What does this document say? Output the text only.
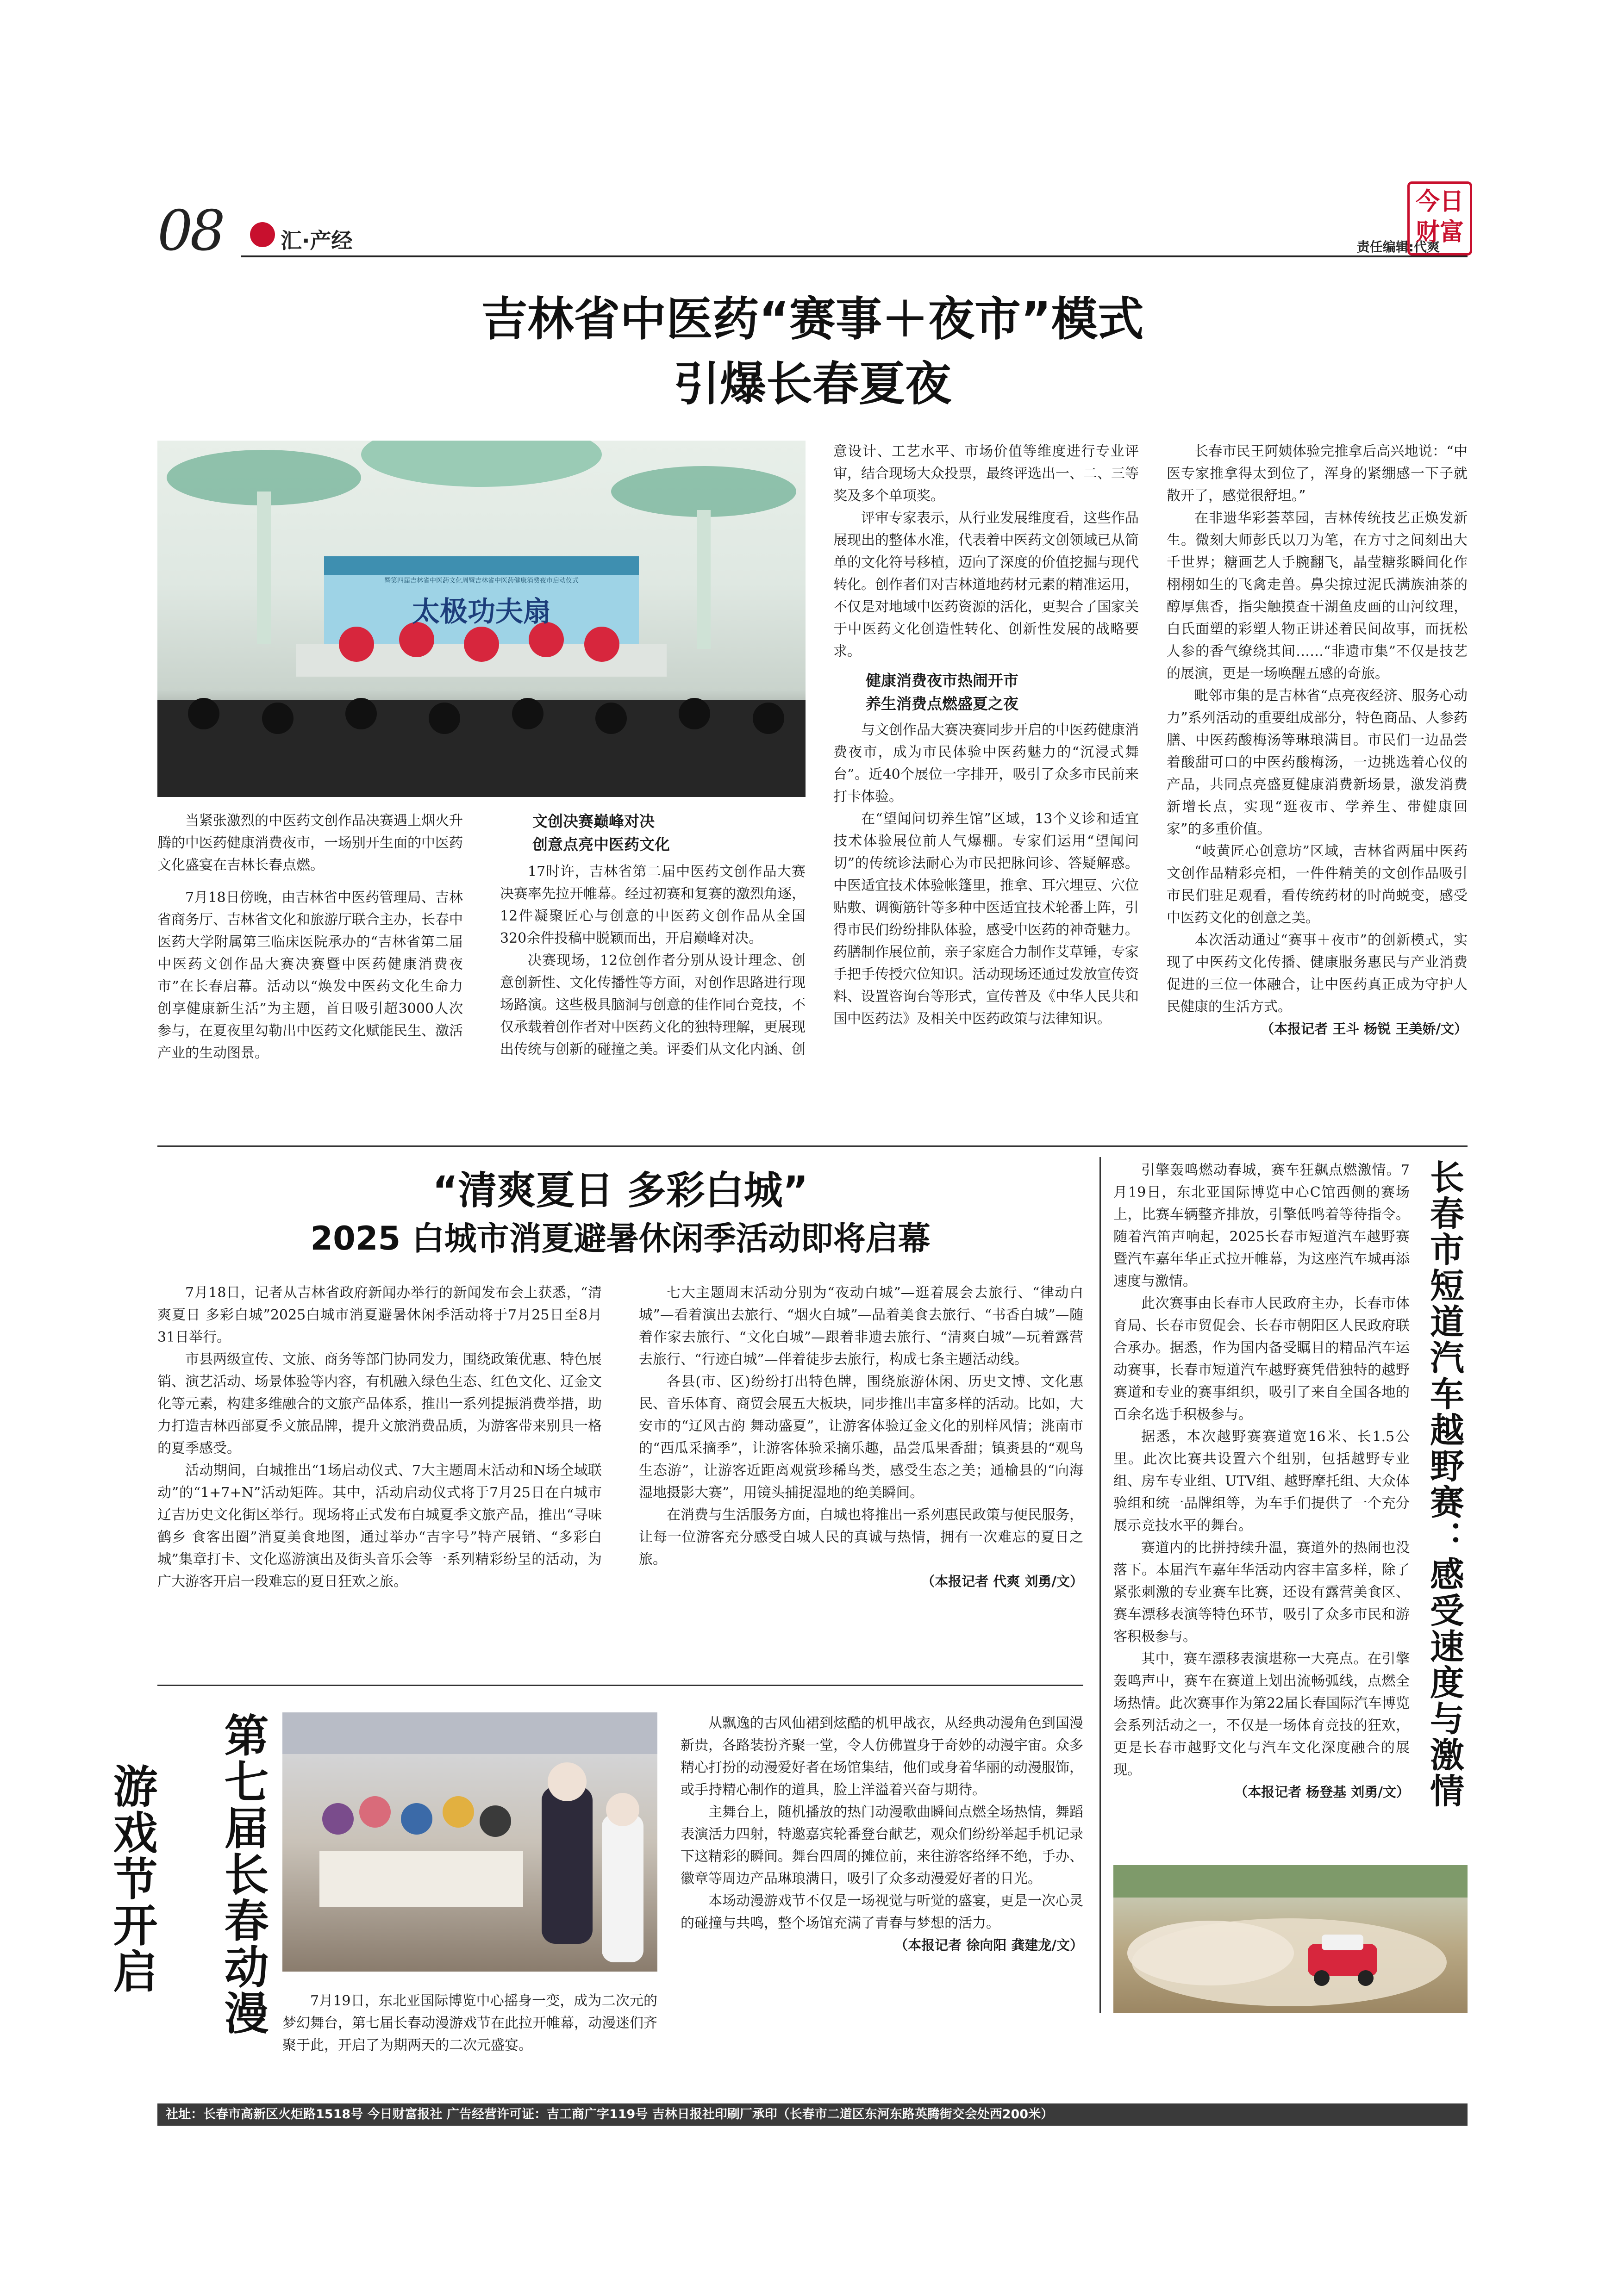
08	汇·产经	责任编辑:代爽
今日财富
吉林省中医药“赛事＋夜市”模式
引爆长春夏夜
暨第四届吉林省中医药文化周暨吉林省中医药健康消费夜市启动仪式
太极功夫扇

当紧张激烈的中医药文创作品决赛遇上烟火升腾的中医药健康消费夜市，一场别开生面的中医药文化盛宴在吉林长春点燃。

7月18日傍晚，由吉林省中医药管理局、吉林省商务厅、吉林省文化和旅游厅联合主办，长春中医药大学附属第三临床医院承办的“吉林省第二届中医药文创作品大赛决赛暨中医药健康消费夜市”在长春启幕。活动以“焕发中医药文化生命力 创享健康新生活”为主题，首日吸引超3000人次参与，在夏夜里勾勒出中医药文化赋能民生、激活产业的生动图景。

文创决赛巅峰对决
创意点亮中医药文化

17时许，吉林省第二届中医药文创作品大赛决赛率先拉开帷幕。经过初赛和复赛的激烈角逐，12件凝聚匠心与创意的中医药文创作品从全国320余件投稿中脱颖而出，开启巅峰对决。

决赛现场，12位创作者分别从设计理念、创意创新性、文化传播性等方面，对创作思路进行现场路演。这些极具脑洞与创意的佳作同台竞技，不仅承载着创作者对中医药文化的独特理解，更展现出传统与创新的碰撞之美。评委们从文化内涵、创

意设计、工艺水平、市场价值等维度进行专业评审，结合现场大众投票，最终评选出一、二、三等奖及多个单项奖。

评审专家表示，从行业发展维度看，这些作品展现出的整体水准，代表着中医药文创领域已从简单的文化符号移植，迈向了深度的价值挖掘与现代转化。创作者们对吉林道地药材元素的精准运用，不仅是对地域中医药资源的活化，更契合了国家关于中医药文化创造性转化、创新性发展的战略要求。

健康消费夜市热闹开市
养生消费点燃盛夏之夜

与文创作品大赛决赛同步开启的中医药健康消费夜市，成为市民体验中医药魅力的“沉浸式舞台”。近40个展位一字排开，吸引了众多市民前来打卡体验。

在“望闻问切养生馆”区域，13个义诊和适宜技术体验展位前人气爆棚。专家们运用“望闻问切”的传统诊法耐心为市民把脉问诊、答疑解惑。中医适宜技术体验帐篷里，推拿、耳穴埋豆、穴位贴敷、调衡筋针等多种中医适宜技术轮番上阵，引得市民们纷纷排队体验，感受中医药的神奇魅力。药膳制作展位前，亲子家庭合力制作艾草锤，专家手把手传授穴位知识。活动现场还通过发放宣传资料、设置咨询台等形式，宣传普及《中华人民共和国中医药法》及相关中医药政策与法律知识。

长春市民王阿姨体验完推拿后高兴地说：“中医专家推拿得太到位了，浑身的紧绷感一下子就散开了，感觉很舒坦。”

在非遗华彩荟萃园，吉林传统技艺正焕发新生。微刻大师彭氏以刀为笔，在方寸之间刻出大千世界；糖画艺人手腕翻飞，晶莹糖浆瞬间化作栩栩如生的飞禽走兽。鼻尖掠过泥氏满族油茶的醇厚焦香，指尖触摸查干湖鱼皮画的山河纹理，白氏面塑的彩塑人物正讲述着民间故事，而抚松人参的香气缭绕其间……“非遗市集”不仅是技艺的展演，更是一场唤醒五感的奇旅。

毗邻市集的是吉林省“点亮夜经济、服务心动力”系列活动的重要组成部分，特色商品、人参药膳、中医药酸梅汤等琳琅满目。市民们一边品尝着酸甜可口的中医药酸梅汤，一边挑选着心仪的产品，共同点亮盛夏健康消费新场景，激发消费新增长点，实现“逛夜市、学养生、带健康回家”的多重价值。

“岐黄匠心创意坊”区域，吉林省两届中医药文创作品精彩亮相，一件件精美的文创作品吸引市民们驻足观看，看传统药材的时尚蜕变，感受中医药文化的创意之美。

本次活动通过“赛事＋夜市”的创新模式，实现了中医药文化传播、健康服务惠民与产业消费促进的三位一体融合，让中医药真正成为守护人民健康的生活方式。

（本报记者 王斗 杨锐 王美娇/文）
“清爽夏日 多彩白城”
2025 白城市消夏避暑休闲季活动即将启幕

7月18日，记者从吉林省政府新闻办举行的新闻发布会上获悉，“清爽夏日 多彩白城”2025白城市消夏避暑休闲季活动将于7月25日至8月31日举行。

市县两级宣传、文旅、商务等部门协同发力，围绕政策优惠、特色展销、演艺活动、场景体验等内容，有机融入绿色生态、红色文化、辽金文化等元素，构建多维融合的文旅产品体系，推出一系列提振消费举措，助力打造吉林西部夏季文旅品牌，提升文旅消费品质，为游客带来别具一格的夏季感受。

活动期间，白城推出“1场启动仪式、7大主题周末活动和N场全域联动”的“1+7+N”活动矩阵。其中，活动启动仪式将于7月25日在白城市辽吉历史文化街区举行。现场将正式发布白城夏季文旅产品，推出“寻味鹤乡 食客出圈”消夏美食地图，通过举办“吉字号”特产展销、“多彩白城”集章打卡、文化巡游演出及街头音乐会等一系列精彩纷呈的活动，为广大游客开启一段难忘的夏日狂欢之旅。

七大主题周末活动分别为“夜动白城”—逛着展会去旅行、“律动白城”—看着演出去旅行、“烟火白城”—品着美食去旅行、“书香白城”—随着作家去旅行、“文化白城”—跟着非遗去旅行、“清爽白城”—玩着露营去旅行、“行迹白城”—伴着徒步去旅行，构成七条主题活动线。

各县(市、区)纷纷打出特色牌，围绕旅游休闲、历史文博、文化惠民、音乐体育、商贸会展五大板块，同步推出丰富多样的活动。比如，大安市的“辽风古韵 舞动盛夏”，让游客体验辽金文化的别样风情；洮南市的“西瓜采摘季”，让游客体验采摘乐趣，品尝瓜果香甜；镇赉县的“观鸟生态游”，让游客近距离观赏珍稀鸟类，感受生态之美；通榆县的“向海湿地摄影大赛”，用镜头捕捉湿地的绝美瞬间。

在消费与生活服务方面，白城也将推出一系列惠民政策与便民服务，让每一位游客充分感受白城人民的真诚与热情，拥有一次难忘的夏日之旅。

（本报记者 代爽 刘勇/文）

引擎轰鸣燃动春城，赛车狂飙点燃激情。7月19日，东北亚国际博览中心C馆西侧的赛场上，比赛车辆整齐排放，引擎低鸣着等待指令。随着汽笛声响起，2025长春市短道汽车越野赛暨汽车嘉年华正式拉开帷幕，为这座汽车城再添速度与激情。

此次赛事由长春市人民政府主办，长春市体育局、长春市贸促会、长春市朝阳区人民政府联合承办。据悉，作为国内备受瞩目的精品汽车运动赛事，长春市短道汽车越野赛凭借独特的越野赛道和专业的赛事组织，吸引了来自全国各地的百余名选手积极参与。

据悉，本次越野赛赛道宽16米、长1.5公里。此次比赛共设置六个组别，包括越野专业组、房车专业组、UTV组、越野摩托组、大众体验组和统一品牌组等，为车手们提供了一个充分展示竞技水平的舞台。

赛道内的比拼持续升温，赛道外的热闹也没落下。本届汽车嘉年华活动内容丰富多样，除了紧张刺激的专业赛车比赛，还设有露营美食区、赛车漂移表演等特色环节，吸引了众多市民和游客积极参与。

其中，赛车漂移表演堪称一大亮点。在引擎轰鸣声中，赛车在赛道上划出流畅弧线，点燃全场热情。此次赛事作为第22届长春国际汽车博览会系列活动之一，不仅是一场体育竞技的狂欢，更是长春市越野文化与汽车文化深度融合的展现。

（本报记者 杨登基 刘勇/文） 长春市短道汽车越野赛：感受速度与激情
第七届长春动漫
游戏节开启

7月19日，东北亚国际博览中心摇身一变，成为二次元的梦幻舞台，第七届长春动漫游戏节在此拉开帷幕，动漫迷们齐聚于此，开启了为期两天的二次元盛宴。

从飘逸的古风仙裙到炫酷的机甲战衣，从经典动漫角色到国漫新贵，各路装扮齐聚一堂，令人仿佛置身于奇妙的动漫宇宙。众多精心打扮的动漫爱好者在场馆集结，他们或身着华丽的动漫服饰，或手持精心制作的道具，脸上洋溢着兴奋与期待。

主舞台上，随机播放的热门动漫歌曲瞬间点燃全场热情，舞蹈表演活力四射，特邀嘉宾轮番登台献艺，观众们纷纷举起手机记录下这精彩的瞬间。舞台四周的摊位前，来往游客络绎不绝，手办、徽章等周边产品琳琅满目，吸引了众多动漫爱好者的目光。

本场动漫游戏节不仅是一场视觉与听觉的盛宴，更是一次心灵的碰撞与共鸣，整个场馆充满了青春与梦想的活力。

（本报记者 徐向阳 龚建龙/文）
社址：长春市高新区火炬路1518号 今日财富报社 广告经营许可证：吉工商广字119号 吉林日报社印刷厂承印（长春市二道区东河东路英腾街交会处西200米）
